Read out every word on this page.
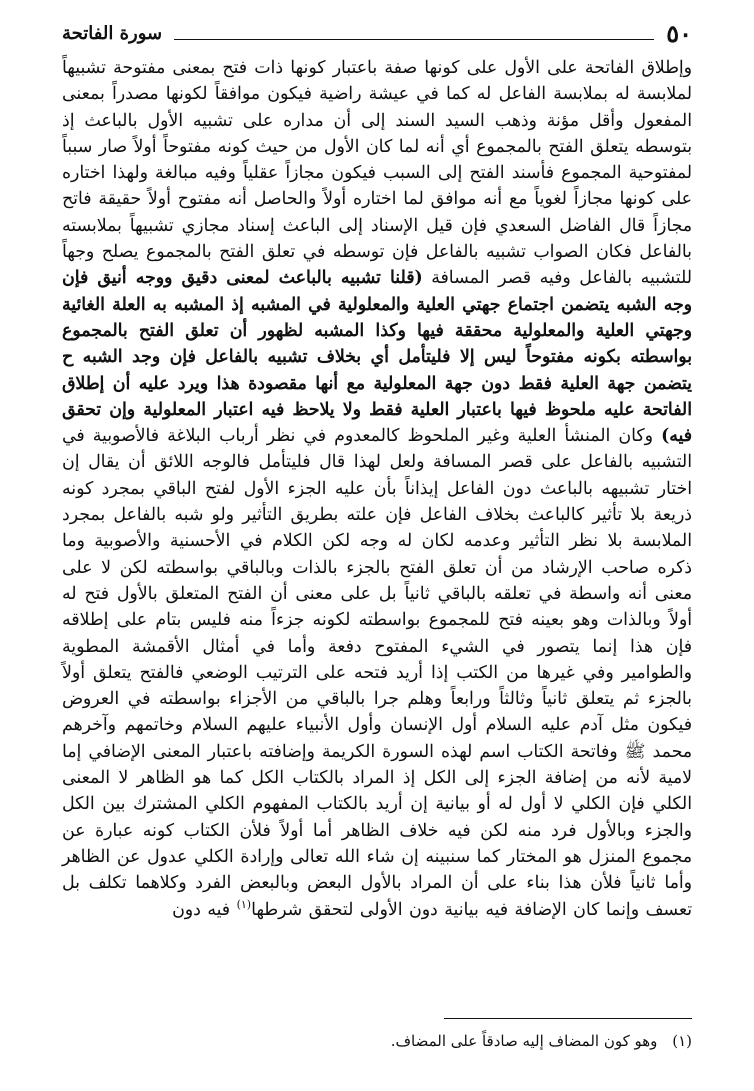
٥٠
سورة الفاتحة

وإطلاق الفاتحة على الأول على كونها صفة باعتبار كونها ذات فتح بمعنى مفتوحة تشبيهاً لملابسة له بملابسة الفاعل له كما في عيشة راضية فيكون موافقاً لكونها مصدراً بمعنى المفعول وأقل مؤنة وذهب السيد السند إلى أن مداره على تشبيه الأول بالباعث إذ بتوسطه يتعلق الفتح بالمجموع أي أنه لما كان الأول من حيث كونه مفتوحاً أولاً صار سبباً لمفتوحية المجموع فأسند الفتح إلى السبب فيكون مجازاً عقلياً وفيه مبالغة ولهذا اختاره على كونها مجازاً لغوياً مع أنه موافق لما اختاره أولاً والحاصل أنه مفتوح أولاً حقيقة فاتح مجازاً قال الفاضل السعدي فإن قيل الإسناد إلى الباعث إسناد مجازي تشبيهاً بملابسته بالفاعل فكان الصواب تشبيه بالفاعل فإن توسطه في تعلق الفتح بالمجموع يصلح وجهاً للتشبيه بالفاعل وفيه قصر المسافة (قلنا تشبيه بالباعث لمعنى دقيق ووجه أنيق فإن وجه الشبه يتضمن اجتماع جهتي العلية والمعلولية في المشبه إذ المشبه به العلة الغائية وجهتي العلية والمعلولية محققة فيها وكذا المشبه لظهور أن تعلق الفتح بالمجموع بواسطته بكونه مفتوحاً ليس إلا فليتأمل أي بخلاف تشبيه بالفاعل فإن وجد الشبه ح يتضمن جهة العلية فقط دون جهة المعلولية مع أنها مقصودة هذا ويرد عليه أن إطلاق الفاتحة عليه ملحوظ فيها باعتبار العلية فقط ولا يلاحظ فيه اعتبار المعلولية وإن تحقق فيه) وكان المنشأ العلية وغير الملحوظ كالمعدوم في نظر أرباب البلاغة فالأصوبية في التشبيه بالفاعل على قصر المسافة ولعل لهذا قال فليتأمل فالوجه اللائق أن يقال إن اختار تشبيهه بالباعث دون الفاعل إيذاناً بأن عليه الجزء الأول لفتح الباقي بمجرد كونه ذريعة بلا تأثير كالباعث بخلاف الفاعل فإن علته بطريق التأثير ولو شبه بالفاعل بمجرد الملابسة بلا نظر التأثير وعدمه لكان له وجه لكن الكلام في الأحسنية والأصوبية وما ذكره صاحب الإرشاد من أن تعلق الفتح بالجزء بالذات وبالباقي بواسطته لكن لا على معنى أنه واسطة في تعلقه بالباقي ثانياً بل على معنى أن الفتح المتعلق بالأول فتح له أولاً وبالذات وهو بعينه فتح للمجموع بواسطته لكونه جزءاً منه فليس بتام على إطلاقه فإن هذا إنما يتصور في الشيء المفتوح دفعة وأما في أمثال الأقمشة المطوية والطوامير وفي غيرها من الكتب إذا أريد فتحه على الترتيب الوضعي فالفتح يتعلق أولاً بالجزء ثم يتعلق ثانياً وثالثاً ورابعاً وهلم جرا بالباقي من الأجزاء بواسطته في العروض فيكون مثل آدم عليه السلام أول الإنسان وأول الأنبياء عليهم السلام وخاتمهم وآخرهم محمد ﷺ وفاتحة الكتاب اسم لهذه السورة الكريمة وإضافته باعتبار المعنى الإضافي إما لامية لأنه من إضافة الجزء إلى الكل إذ المراد بالكتاب الكل كما هو الظاهر لا المعنى الكلي فإن الكلي لا أول له أو بيانية إن أريد بالكتاب المفهوم الكلي المشترك بين الكل والجزء وبالأول فرد منه لكن فيه خلاف الظاهر أما أولاً فلأن الكتاب كونه عبارة عن مجموع المنزل هو المختار كما سنبينه إن شاء الله تعالى وإرادة الكلي عدول عن الظاهر وأما ثانياً فلأن هذا بناء على أن المراد بالأول البعض وبالبعض الفرد وكلاهما تكلف بل تعسف وإنما كان الإضافة فيه بيانية دون الأولى لتحقق شرطها$^{(١)}$ فيه دون

(١) وهو كون المضاف إليه صادقاً على المضاف.
